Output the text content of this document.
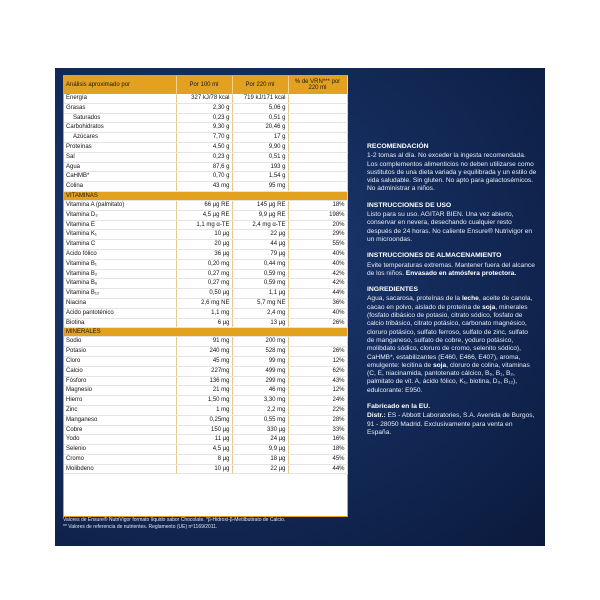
Análisis aproximado por	Por 100 ml	Por 220 ml	% de VRN*** por 220 ml
Energía	327 kJ/78 kcal	719 kJ/171 kcal	
Grasas	2,30 g	5,06 g	
Saturados	0,23 g	0,51 g	
Carbohidratos	9,30 g	20,46 g	
Azúcares	7,70 g	17 g	
Proteínas	4,50 g	9,90 g	
Sal	0,23 g	0,51 g	
Agua	87,6 g	193 g	
CaHMB*	0,70 g	1,54 g	
Colina	43 mg	95 mg	
VITAMINAS			
Vitamina A (palmitato)	66 µg RE	145 µg RE	18%
Vitamina D₃	4,5 µg RE	9,9 µg RE	198%
Vitamina E	1,1 mg α-TE	2,4 mg α-TE	20%
Vitamina K₁	10 µg	22 µg	29%
Vitamina C	20 µg	44 µg	55%
Ácido fólico	36 µg	79 µg	40%
Vitamina B₁	0,20 mg	0,44 mg	40%
Vitamina B₂	0,27 mg	0,59 mg	42%
Vitamina B₆	0,27 mg	0,59 mg	42%
Vitamina B₁₂	0,50 µg	1,1 µg	44%
Niacina	2,6 mg NE	5,7 mg NE	36%
Ácido pantoténico	1,1 mg	2,4 mg	40%
Biotina	6 µg	13 µg	26%
MINERALES			
Sodio	91 mg	200 mg	
Potasio	240 mg	528 mg	26%
Cloro	45 mg	99 mg	12%
Calcio	227mg	499 mg	62%
Fósforo	136 mg	299 mg	43%
Magnesio	21 mg	46 mg	12%
Hierro	1,50 mg	3,30 mg	24%
Zinc	1 mg	2,2 mg	22%
Manganeso	0,25mg	0,55 mg	28%
Cobre	150 µg	330 µg	33%
Yodo	11 µg	24 µg	16%
Selenio	4,5 µg	9,9 µg	18%
Cromo	8 µg	18 µg	45%
Molibdeno	10 µg	22 µg	44%
Valores de Ensure® NutriVigor formato líquido sabor Chocolate. *β-Hidroxi-β-Metilbutirato de Calcio.
** Valores de referencia de nutrientes. Reglamento (UE) nº1169/2011.
RECOMENDACIÓN

1-2 tomas al día. No exceder la ingesta recomendada. Los complementos alimenticios no deben utilizarse como sustitutos de una dieta variada y equilibrada y un estilo de vida saludable. Sin gluten. No apto para galactosémicos. No administrar a niños.

INSTRUCCIONES DE USO

Listo para su uso. AGITAR BIEN. Una vez abierto, conservar en nevera, desechando cualquier resto después de 24 horas. No caliente Ensure® Nutrivigor en un microondas.

INSTRUCCIONES DE ALMACENAMIENTO

Evite temperaturas extremas. Mantener fuera del alcance de los niños. Envasado en atmósfera protectora.

INGREDIENTES

Agua, sacarosa, proteínas de la leche, aceite de canola, cacao en polvo, aislado de proteína de soja, minerales (fosfato dibásico de potasio, citrato sódico, fosfato de calcio tribásico, citrato potásico, carbonato magnésico, cloruro potásico, sulfato ferroso, sulfato de zinc, sulfato de manganeso, sulfato de cobre, yoduro potásico, molibdato sódico, cloruro de cromo, selenito sódico), CaHMB*, estabilizantes (E460, E466, E407), aroma, emulgente: lecitina de soja, cloruro de colina, vitaminas (C, E, niacinamida, pantotenato cálcico, B₆, B₁, B₂, palmitato de vit. A, ácido fólico, K₁, biotina, D₃, B₁₂), edulcorante: E950.

Fabricado en la EU.

Distr.: ES - Abbott Laboratories, S.A. Avenida de Burgos, 91 - 28050 Madrid. Exclusivamente para venta en España.
